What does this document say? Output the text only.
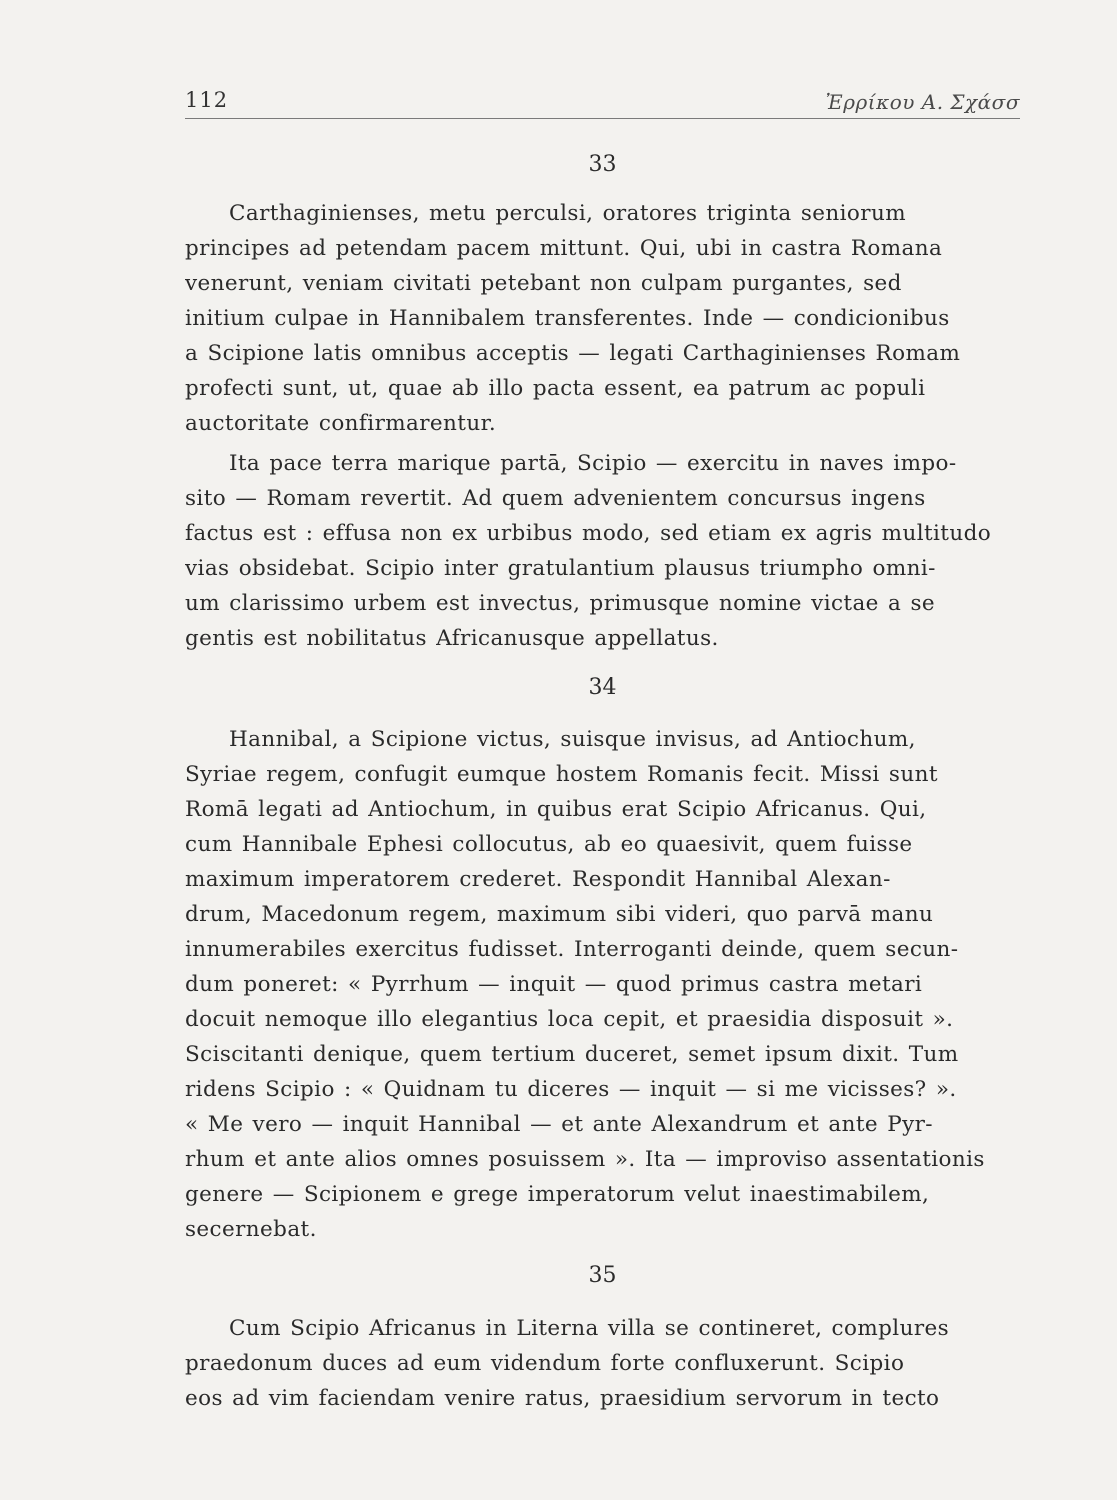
112	Ἐρρίκου Α. Σχάσσ
33

Carthaginienses, metu perculsi, oratores triginta seniorum
principes ad petendam pacem mittunt. Qui, ubi in castra Romana
venerunt, veniam civitati petebant non culpam purgantes, sed
initium culpae in Hannibalem transferentes. Inde — condicionibus
a Scipione latis omnibus acceptis — legati Carthaginienses Romam
profecti sunt, ut, quae ab illo pacta essent, ea patrum ac populi
auctoritate confirmarentur.

Ita pace terra marique partā, Scipio — exercitu in naves impo-
sito — Romam revertit. Ad quem advenientem concursus ingens
factus est : effusa non ex urbibus modo, sed etiam ex agris multitudo
vias obsidebat. Scipio inter gratulantium plausus triumpho omni-
um clarissimo urbem est invectus, primusque nomine victae a se
gentis est nobilitatus Africanusque appellatus.

34

Hannibal, a Scipione victus, suisque invisus, ad Antiochum,
Syriae regem, confugit eumque hostem Romanis fecit. Missi sunt
Romā legati ad Antiochum, in quibus erat Scipio Africanus. Qui,
cum Hannibale Ephesi collocutus, ab eo quaesivit, quem fuisse
maximum imperatorem crederet. Respondit Hannibal Alexan-
drum, Macedonum regem, maximum sibi videri, quo parvā manu
innumerabiles exercitus fudisset. Interroganti deinde, quem secun-
dum poneret: « Pyrrhum — inquit — quod primus castra metari
docuit nemoque illo elegantius loca cepit, et praesidia disposuit ».
Sciscitanti denique, quem tertium duceret, semet ipsum dixit. Tum
ridens Scipio : « Quidnam tu diceres — inquit — si me vicisses? ».
« Me vero — inquit Hannibal — et ante Alexandrum et ante Pyr-
rhum et ante alios omnes posuissem ». Ita — improviso assentationis
genere — Scipionem e grege imperatorum velut inaestimabilem,
secernebat.

35

Cum Scipio Africanus in Literna villa se contineret, complures
praedonum duces ad eum videndum forte confluxerunt. Scipio
eos ad vim faciendam venire ratus, praesidium servorum in tecto
